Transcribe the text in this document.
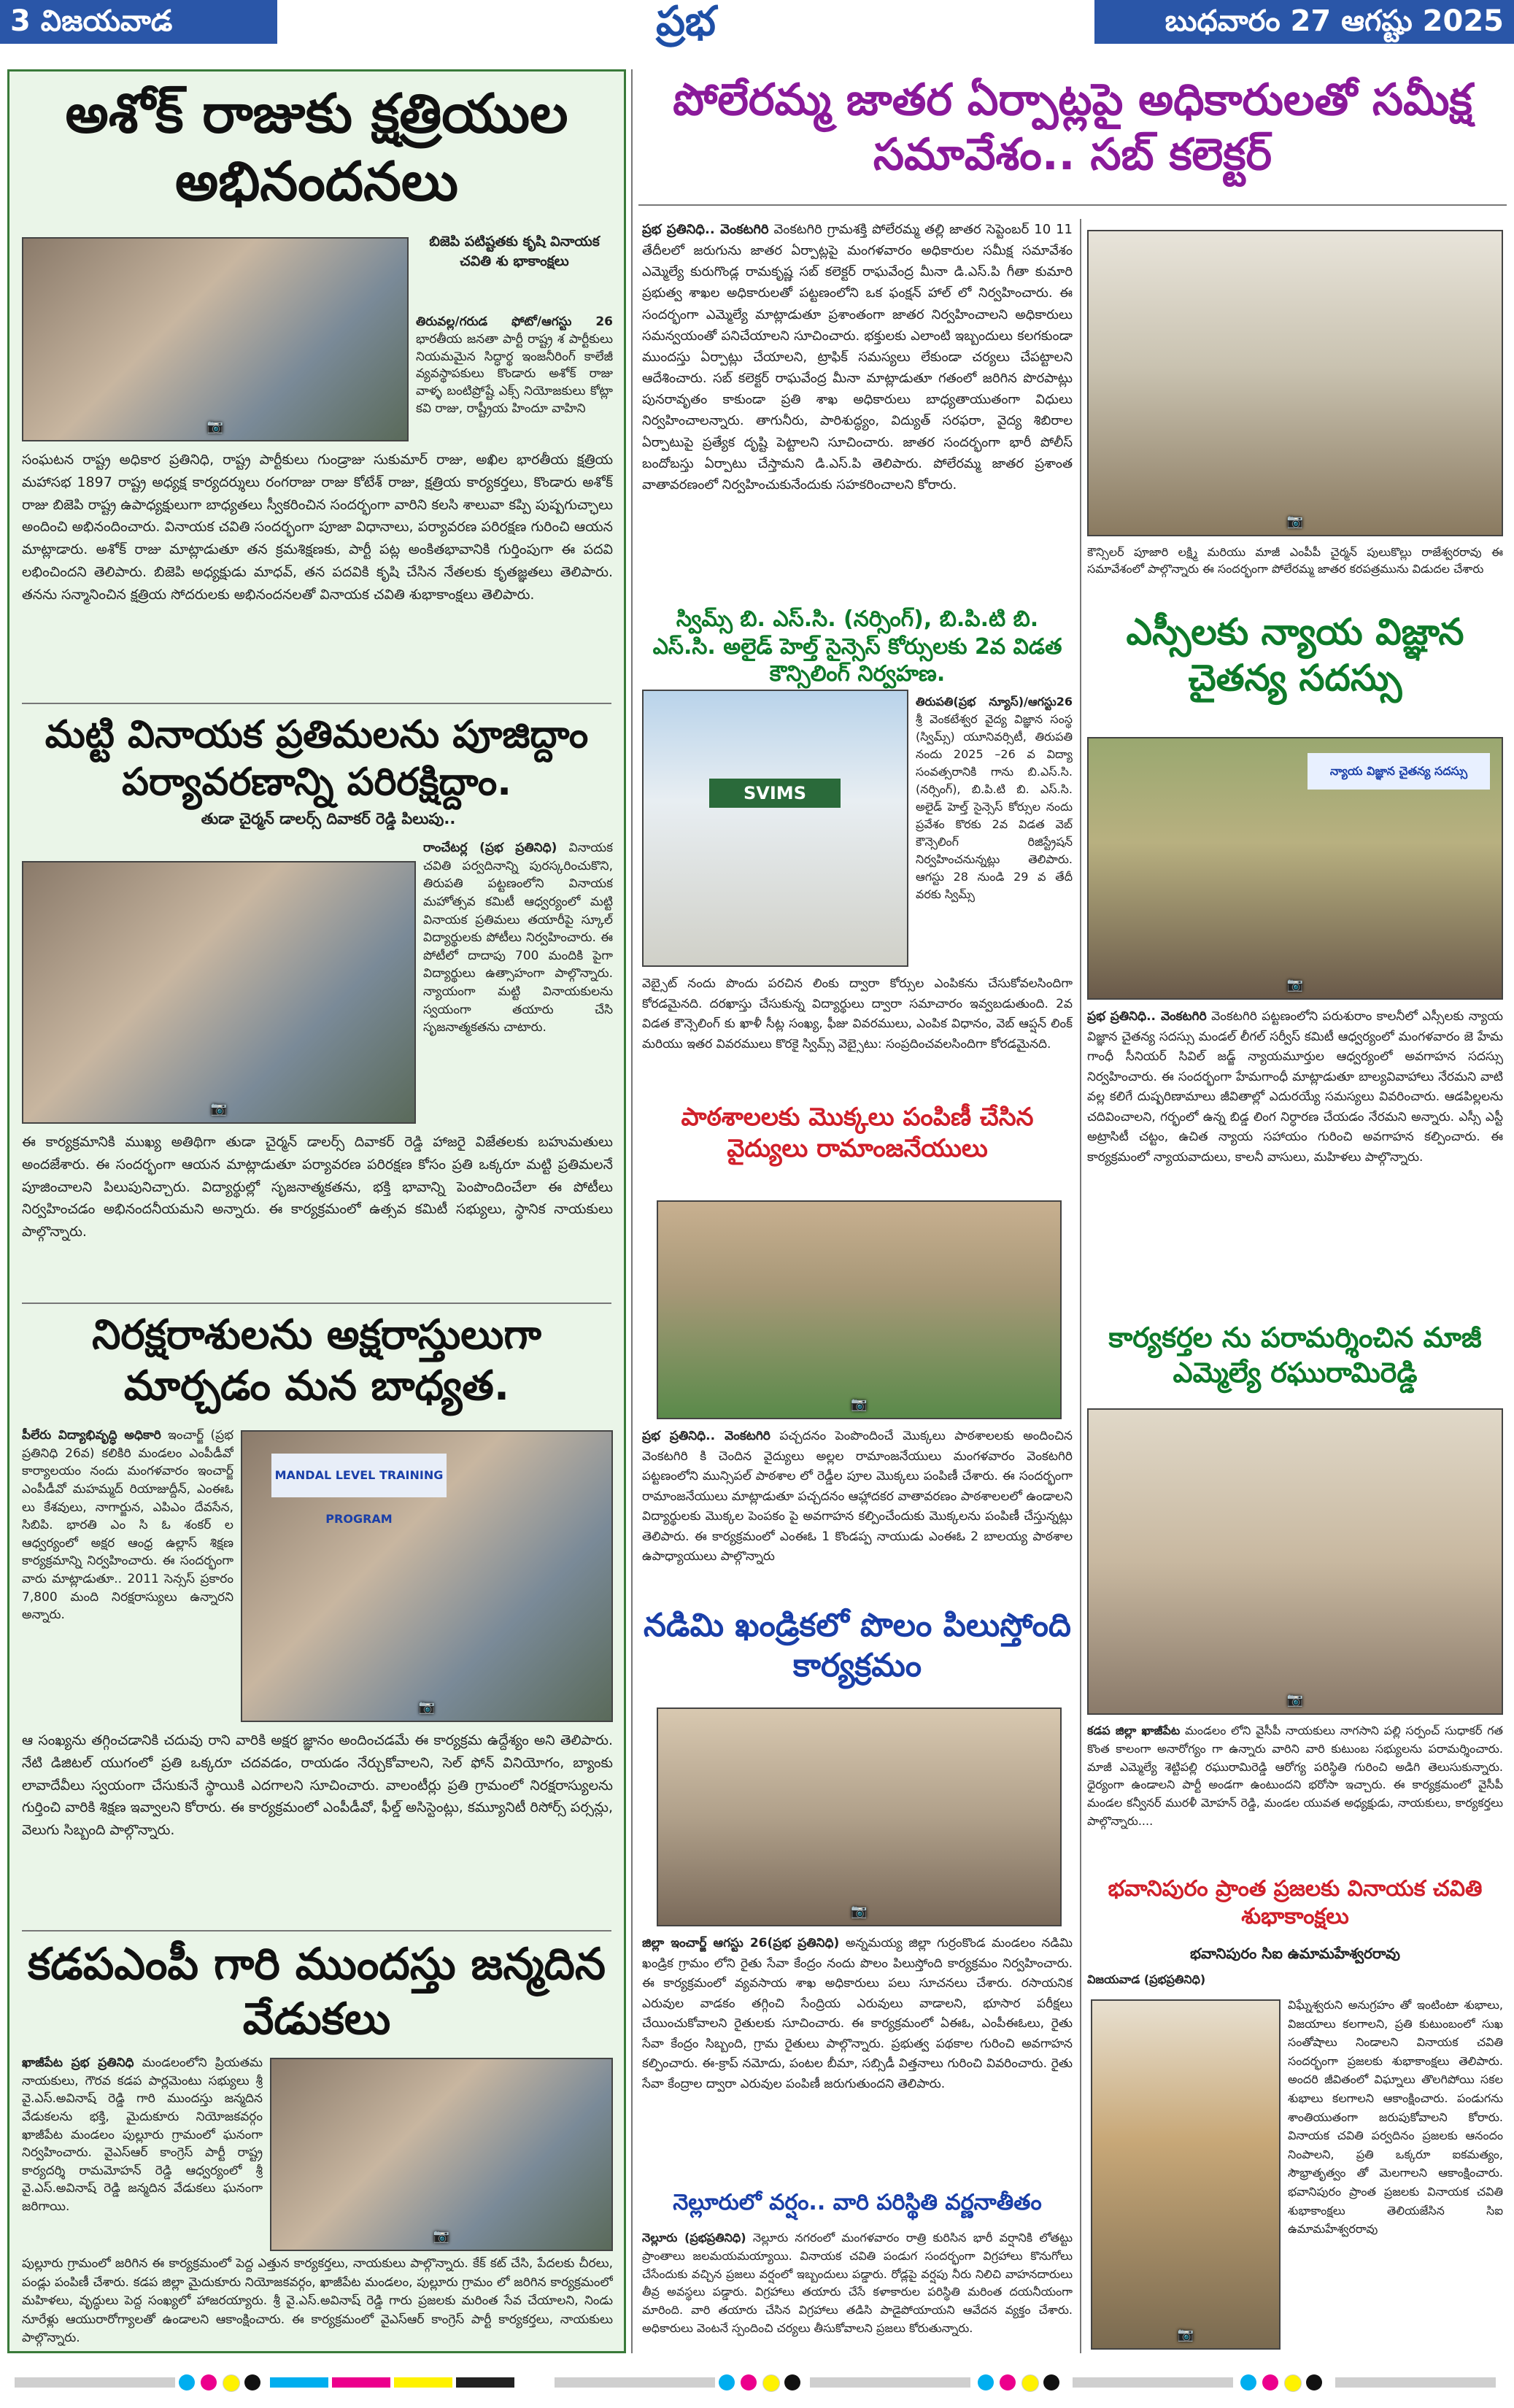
3 విజయవాడ	ప్రభ	బుధవారం 27 ఆగష్టు 2025
అశోక్ రాజుకు క్షత్రియుల అభినందనలు
📷
బిజెపి పటిష్టతకు కృషి వినాయక చవితి శు భాకాంక్షలు
తిరువల్ల/గరుడ ఫోటో/ఆగస్టు 26 భారతీయ జనతా పార్టీ రాష్ట్ర శ పార్టీకులు నియమమైన సిద్ధార్థ ఇంజనీరింగ్ కాలేజీ వ్యవస్థాపకులు కొండారు అశోక్ రాజు వాళ్ళ బంటిప్రోష్టే ఎక్స్ నియోజకులు కోట్లా కవి రాజు, రాష్ట్రీయ హిందూ వాహిని
సంఘటన రాష్ట్ర అధికార ప్రతినిధి, రాష్ట్ర పార్టీకులు గుండ్రాజు సుకుమార్ రాజు, అఖిల భారతీయ క్షత్రియ మహాసభ 1897 రాష్ట్ర అధ్యక్ష కార్యదర్శులు రంగరాజు రాజు కోటేశ్ రాజు, క్షత్రియ కార్యకర్తలు, కొండారు అశోక్ రాజు బిజెపి రాష్ట్ర ఉపాధ్యక్షులుగా బాధ్యతలు స్వీకరించిన సందర్భంగా వారిని కలసి శాలువా కప్పి పుష్పగుచ్ఛాలు అందించి అభినందించారు. వినాయక చవితి సందర్భంగా పూజా విధానాలు, పర్యావరణ పరిరక్షణ గురించి ఆయన మాట్లాడారు. అశోక్ రాజు మాట్లాడుతూ తన క్రమశిక్షణకు, పార్టీ పట్ల అంకితభావానికి గుర్తింపుగా ఈ పదవి లభించిందని తెలిపారు. బిజెపి అధ్యక్షుడు మాధవ్, తన పదవికి కృషి చేసిన నేతలకు కృతజ్ఞతలు తెలిపారు. తనను సన్మానించిన క్షత్రియ సోదరులకు అభినందనలతో వినాయక చవితి శుభాకాంక్షలు తెలిపారు.
మట్టి వినాయక ప్రతిమలను పూజిద్దాం పర్యావరణాన్ని పరిరక్షిద్దాం.
తుడా చైర్మన్ డాలర్స్ దివాకర్ రెడ్డి పిలుపు..
📷
రాంచేటర్ల (ప్రభ ప్రతినిధి) వినాయక చవితి పర్వదినాన్ని పురస్కరించుకొని, తిరుపతి పట్టణంలోని వినాయక మహోత్సవ కమిటీ ఆధ్వర్యంలో మట్టి వినాయక ప్రతిమలు తయారీపై స్కూల్ విద్యార్థులకు పోటీలు నిర్వహించారు. ఈ పోటీలో దాదాపు 700 మందికి పైగా విద్యార్థులు ఉత్సాహంగా పాల్గొన్నారు. న్యాయంగా మట్టి వినాయకులను స్వయంగా తయారు చేసి సృజనాత్మకతను చాటారు.
ఈ కార్యక్రమానికి ముఖ్య అతిథిగా తుడా చైర్మన్ డాలర్స్ దివాకర్ రెడ్డి హాజరై విజేతలకు బహుమతులు అందజేశారు. ఈ సందర్భంగా ఆయన మాట్లాడుతూ పర్యావరణ పరిరక్షణ కోసం ప్రతి ఒక్కరూ మట్టి ప్రతిమలనే పూజించాలని పిలుపునిచ్చారు. విద్యార్థుల్లో సృజనాత్మకతను, భక్తి భావాన్ని పెంపొందించేలా ఈ పోటీలు నిర్వహించడం అభినందనీయమని అన్నారు. ఈ కార్యక్రమంలో ఉత్సవ కమిటీ సభ్యులు, స్థానిక నాయకులు పాల్గొన్నారు.
నిరక్షరాశులను అక్షరాస్తులుగా మార్చడం మన బాధ్యత.
పీలేరు విద్యాభివృద్ధి అధికారి ఇంచార్జ్ (ప్రభ ప్రతినిధి 26వ) కలికిరి మండలం ఎంపీడీవో కార్యాలయం నందు మంగళవారం ఇంచార్జ్ ఎంపీడీవో మహమ్మద్ రియాజుద్దీన్, ఎంఈఓ లు కేశవులు, నాగార్జున, ఎపిఎం దేవసేన, సిబిపి. భారతి ఎం సి ఓ శంకర్ ల ఆధ్వర్యంలో అక్షర ఆంధ్ర ఉల్లాస్ శిక్షణ కార్యక్రమాన్ని నిర్వహించారు. ఈ సందర్భంగా వారు మాట్లాడుతూ.. 2011 సెన్సస్ ప్రకారం 7,800 మంది నిరక్షరాస్యులు ఉన్నారని అన్నారు.
MANDAL LEVEL TRAINING PROGRAM
📷
ఆ సంఖ్యను తగ్గించడానికి చదువు రాని వారికి అక్షర జ్ఞానం అందించడమే ఈ కార్యక్రమ ఉద్దేశ్యం అని తెలిపారు. నేటి డిజిటల్ యుగంలో ప్రతి ఒక్కరూ చదవడం, రాయడం నేర్చుకోవాలని, సెల్ ఫోన్ వినియోగం, బ్యాంకు లావాదేవీలు స్వయంగా చేసుకునే స్థాయికి ఎదగాలని సూచించారు. వాలంటీర్లు ప్రతి గ్రామంలో నిరక్షరాస్యులను గుర్తించి వారికి శిక్షణ ఇవ్వాలని కోరారు. ఈ కార్యక్రమంలో ఎంపీడీవో, ఫీల్డ్ అసిస్టెంట్లు, కమ్యూనిటీ రిసోర్స్ పర్సన్లు, వెలుగు సిబ్బంది పాల్గొన్నారు.
కడపఎంపీ గారి ముందస్తు జన్మదిన వేడుకలు
ఖాజీపేట ప్రభ ప్రతినిధి మండలంలోని ప్రియతమ నాయకులు, గౌరవ కడప పార్లమెంటు సభ్యులు శ్రీ వై.ఎస్.అవినాష్ రెడ్డి గారి ముందస్తు జన్మదిన వేడుకలను భక్తి, మైదుకూరు నియోజకవర్గం ఖాజీపేట మండలం పుల్లూరు గ్రామంలో ఘనంగా నిర్వహించారు. వైఎస్ఆర్ కాంగ్రెస్ పార్టీ రాష్ట్ర కార్యదర్శి రామమోహన్ రెడ్డి ఆధ్వర్యంలో శ్రీ వై.ఎస్.అవినాష్ రెడ్డి జన్మదిన వేడుకలు ఘనంగా జరిగాయి.
📷
పుల్లూరు గ్రామంలో జరిగిన ఈ కార్యక్రమంలో పెద్ద ఎత్తున కార్యకర్తలు, నాయకులు పాల్గొన్నారు. కేక్ కట్ చేసి, పేదలకు చీరలు, పండ్లు పంపిణీ చేశారు. కడప జిల్లా మైదుకూరు నియోజకవర్గం, ఖాజీపేట మండలం, పుల్లూరు గ్రామం లో జరిగిన కార్యక్రమంలో మహిళలు, వృద్ధులు పెద్ద సంఖ్యలో హాజరయ్యారు. శ్రీ వై.ఎస్.అవినాష్ రెడ్డి గారు ప్రజలకు మరింత సేవ చేయాలని, నిండు నూరేళ్లు ఆయురారోగ్యాలతో ఉండాలని ఆకాంక్షించారు. ఈ కార్యక్రమంలో వైఎస్ఆర్ కాంగ్రెస్ పార్టీ కార్యకర్తలు, నాయకులు పాల్గొన్నారు.
పోలేరమ్మ జాతర ఏర్పాట్లపై అధికారులతో సమీక్ష సమావేశం.. సబ్ కలెక్టర్
ప్రభ ప్రతినిధి.. వెంకటగిరి వెంకటగిరి గ్రామశక్తి పోలేరమ్మ తల్లి జాతర సెప్టెంబర్ 10 11 తేదీలలో జరుగును జాతర ఏర్పాట్లపై మంగళవారం అధికారుల సమీక్ష సమావేశం ఎమ్మెల్యే కురుగొండ్ల రామకృష్ణ సబ్ కలెక్టర్ రాఘవేంద్ర మీనా డి.ఎస్.పి గీతా కుమారి ప్రభుత్వ శాఖల అధికారులతో పట్టణంలోని ఒక ఫంక్షన్ హాల్ లో నిర్వహించారు. ఈ సందర్భంగా ఎమ్మెల్యే మాట్లాడుతూ ప్రశాంతంగా జాతర నిర్వహించాలని అధికారులు సమన్వయంతో పనిచేయాలని సూచించారు. భక్తులకు ఎలాంటి ఇబ్బందులు కలగకుండా ముందస్తు ఏర్పాట్లు చేయాలని, ట్రాఫిక్ సమస్యలు లేకుండా చర్యలు చేపట్టాలని ఆదేశించారు. సబ్ కలెక్టర్ రాఘవేంద్ర మీనా మాట్లాడుతూ గతంలో జరిగిన పొరపాట్లు పునరావృతం కాకుండా ప్రతి శాఖ అధికారులు బాధ్యతాయుతంగా విధులు నిర్వహించాలన్నారు. తాగునీరు, పారిశుద్ధ్యం, విద్యుత్ సరఫరా, వైద్య శిబిరాల ఏర్పాటుపై ప్రత్యేక దృష్టి పెట్టాలని సూచించారు. జాతర సందర్భంగా భారీ పోలీస్ బందోబస్తు ఏర్పాటు చేస్తామని డి.ఎస్.పి తెలిపారు. పోలేరమ్మ జాతర ప్రశాంత వాతావరణంలో నిర్వహించుకునేందుకు సహకరించాలని కోరారు.
📷
కౌన్సిలర్ పూజారి లక్ష్మి మరియు మాజీ ఎంపీపీ చైర్మన్ పులుకొల్లు రాజేశ్వరరావు ఈ సమావేశంలో పాల్గొన్నారు ఈ సందర్భంగా పోలేరమ్మ జాతర కరపత్రమును విడుదల చేశారు
స్విమ్స్ బి. ఎస్.సి. (నర్సింగ్), బి.పి.టి బి. ఎస్.సి. అలైడ్ హెల్త్ సైన్సెస్ కోర్సులకు 2వ విడత కౌన్సిలింగ్ నిర్వహణ.
SVIMS
తిరుపతి(ప్రభ న్యూస్)/ఆగస్టు26 శ్రీ వెంకటేశ్వర వైద్య విజ్ఞాన సంస్థ (స్విమ్స్) యూనివర్సిటీ, తిరుపతి నందు 2025 –26 వ విద్యా సంవత్సరానికి గాను బి.ఎస్.సి. (నర్సింగ్), బి.పి.టి బి. ఎస్.సి. అలైడ్ హెల్త్ సైన్సెస్ కోర్సుల నందు ప్రవేశం కొరకు 2వ విడత వెబ్ కౌన్సెలింగ్ రిజిస్ట్రేషన్ నిర్వహించనున్నట్లు తెలిపారు. ఆగస్టు 28 నుండి 29 వ తేదీ వరకు స్విమ్స్
వెబ్సైట్ నందు పొందు పరచిన లింకు ద్వారా కోర్సుల ఎంపికను చేసుకోవలసిందిగా కోరడమైనది. దరఖాస్తు చేసుకున్న విద్యార్థులు ద్వారా సమాచారం ఇవ్వబడుతుంది. 2వ విడత కౌన్సెలింగ్ కు ఖాళీ సీట్ల సంఖ్య, ఫీజు వివరములు, ఎంపిక విధానం, వెబ్ ఆప్షన్ లింక్ మరియు ఇతర వివరములు కొరకై స్విమ్స్ వెబ్సైటు: సంప్రదించవలసిందిగా కోరడమైనది.
పాఠశాలలకు మొక్కలు పంపిణీ చేసిన వైద్యులు రామాంజనేయులు
📷
ప్రభ ప్రతినిధి.. వెంకటగిరి పచ్చదనం పెంపొందించే మొక్కలు పాఠశాలలకు అందించిన వెంకటగిరి కి చెందిన వైద్యులు అల్లల రామాంజనేయులు మంగళవారం వెంకటగిరి పట్టణంలోని మున్సిపల్ పాఠశాల లో రెడ్డీల పూల మొక్కలు పంపిణీ చేశారు. ఈ సందర్భంగా రామాంజనేయులు మాట్లాడుతూ పచ్చదనం ఆహ్లాదకర వాతావరణం పాఠశాలలలో ఉండాలని విద్యార్థులకు మొక్కల పెంపకం పై అవగాహన కల్పించేందుకు మొక్కలను పంపిణీ చేస్తున్నట్లు తెలిపారు. ఈ కార్యక్రమంలో ఎంఈఓ 1 కొండప్ప నాయుడు ఎంఈఓ 2 బాలయ్య పాఠశాల ఉపాధ్యాయులు పాల్గొన్నారు
నడిమి ఖండ్రికలో పొలం పిలుస్తోంది కార్యక్రమం
📷
జిల్లా ఇంచార్జ్ ఆగస్టు 26(ప్రభ ప్రతినిధి) అన్నమయ్య జిల్లా గుర్రంకొండ మండలం నడిమి ఖండ్రిక గ్రామం లోని రైతు సేవా కేంద్రం నందు పొలం పిలుస్తోంది కార్యక్రమం నిర్వహించారు. ఈ కార్యక్రమంలో వ్యవసాయ శాఖ అధికారులు పలు సూచనలు చేశారు. రసాయనిక ఎరువుల వాడకం తగ్గించి సేంద్రియ ఎరువులు వాడాలని, భూసార పరీక్షలు చేయించుకోవాలని రైతులకు సూచించారు. ఈ కార్యక్రమంలో ఏఈఓ, ఎంపీఈఓలు, రైతు సేవా కేంద్రం సిబ్బంది, గ్రామ రైతులు పాల్గొన్నారు. ప్రభుత్వ పథకాల గురించి అవగాహన కల్పించారు. ఈ-క్రాప్ నమోదు, పంటల బీమా, సబ్సిడీ విత్తనాలు గురించి వివరించారు. రైతు సేవా కేంద్రాల ద్వారా ఎరువుల పంపిణీ జరుగుతుందని తెలిపారు.
నెల్లూరులో వర్షం.. వారి పరిస్థితి వర్ణనాతీతం
నెల్లూరు (ప్రభప్రతినిధి) నెల్లూరు నగరంలో మంగళవారం రాత్రి కురిసిన భారీ వర్షానికి లోతట్టు ప్రాంతాలు జలమయమయ్యాయి. వినాయక చవితి పండుగ సందర్భంగా విగ్రహాలు కొనుగోలు చేసేందుకు వచ్చిన ప్రజలు వర్షంలో ఇబ్బందులు పడ్డారు. రోడ్లపై వర్షపు నీరు నిలిచి వాహనదారులు తీవ్ర అవస్థలు పడ్డారు. విగ్రహాలు తయారు చేసే కళాకారుల పరిస్థితి మరింత దయనీయంగా మారింది. వారి తయారు చేసిన విగ్రహాలు తడిసి పాడైపోయాయని ఆవేదన వ్యక్తం చేశారు. అధికారులు వెంటనే స్పందించి చర్యలు తీసుకోవాలని ప్రజలు కోరుతున్నారు.
ఎస్సీలకు న్యాయ విజ్ఞాన చైతన్య సదస్సు
న్యాయ విజ్ఞాన చైతన్య సదస్సు
📷
ప్రభ ప్రతినిధి.. వెంకటగిరి వెంకటగిరి పట్టణంలోని పరుశురాం కాలనీలో ఎస్సీలకు న్యాయ విజ్ఞాన చైతన్య సదస్సు మండల్ లీగల్ సర్వీస్ కమిటీ ఆధ్వర్యంలో మంగళవారం జె హేమ గాంధీ సీనియర్ సివిల్ జడ్జ్ న్యాయమూర్తుల ఆధ్వర్యంలో అవగాహన సదస్సు నిర్వహించారు. ఈ సందర్భంగా హేమగాంధీ మాట్లాడుతూ బాల్యవివాహాలు నేరమని వాటి వల్ల కలిగే దుష్పరిణామాలు జీవితాల్లో ఎదురయ్యే సమస్యలు వివరించారు. ఆడపిల్లలను చదివించాలని, గర్భంలో ఉన్న బిడ్డ లింగ నిర్ధారణ చేయడం నేరమని అన్నారు. ఎస్సీ ఎస్టీ అట్రాసిటీ చట్టం, ఉచిత న్యాయ సహాయం గురించి అవగాహన కల్పించారు. ఈ కార్యక్రమంలో న్యాయవాదులు, కాలనీ వాసులు, మహిళలు పాల్గొన్నారు.
కార్యకర్తల ను పరామర్శించిన మాజీ ఎమ్మెల్యే రఘురామిరెడ్డి
📷
కడప జిల్లా ఖాజీపేట మండలం లోని వైసీపీ నాయకులు నాగసాని పల్లి సర్పంచ్ సుధాకర్ గత కొంత కాలంగా అనారోగ్యం గా ఉన్నారు వారిని వారి కుటుంబ సభ్యులను పరామర్శించారు. మాజీ ఎమ్మెల్యే శెట్టిపల్లి రఘురామిరెడ్డి ఆరోగ్య పరిస్థితి గురించి అడిగి తెలుసుకున్నారు. ధైర్యంగా ఉండాలని పార్టీ అండగా ఉంటుందని భరోసా ఇచ్చారు. ఈ కార్యక్రమంలో వైసీపీ మండల కన్వీనర్ మురళీ మోహన్ రెడ్డి, మండల యువత అధ్యక్షుడు, నాయకులు, కార్యకర్తలు పాల్గొన్నారు....
భవానిపురం ప్రాంత ప్రజలకు వినాయక చవితి శుభాకాంక్షలు
భవానిపురం సిఐ ఉమామహేశ్వరరావు
విజయవాడ (ప్రభప్రతినిధి)
📷
విఘ్నేశ్వరుని అనుగ్రహం తో ఇంటింటా శుభాలు, విజయాలు కలగాలని, ప్రతి కుటుంబంలో సుఖ సంతోషాలు నిండాలని వినాయక చవితి సందర్భంగా ప్రజలకు శుభాకాంక్షలు తెలిపారు. అందరి జీవితంలో విఘ్నాలు తొలగిపోయి సకల శుభాలు కలగాలని ఆకాంక్షించారు. పండుగను శాంతియుతంగా జరుపుకోవాలని కోరారు. వినాయక చవితి పర్వదినం ప్రజలకు ఆనందం నింపాలని, ప్రతి ఒక్కరూ ఐకమత్యం, సౌభ్రాతృత్వం తో మెలగాలని ఆకాంక్షించారు. భవానిపురం ప్రాంత ప్రజలకు వినాయక చవితి శుభాకాంక్షలు తెలియజేసిన సిఐ ఉమామహేశ్వరరావు
